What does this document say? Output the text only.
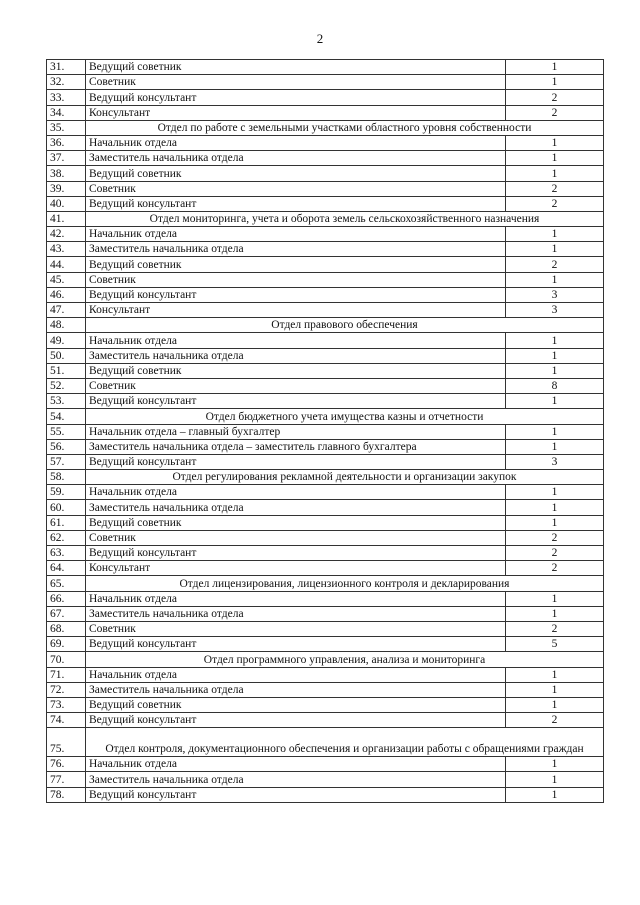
2
31.	Ведущий советник	1
32.	Советник	1
33.	Ведущий консультант	2
34.	Консультант	2
35.	Отдел по работе с земельными участками областного уровня собственности	
36.	Начальник отдела	1
37.	Заместитель начальника отдела	1
38.	Ведущий советник	1
39.	Советник	2
40.	Ведущий консультант	2
41.	Отдел мониторинга, учета и оборота земель сельскохозяйственного назначения	
42.	Начальник отдела	1
43.	Заместитель начальника отдела	1
44.	Ведущий советник	2
45.	Советник	1
46.	Ведущий консультант	3
47.	Консультант	3
48.	Отдел правового обеспечения	
49.	Начальник отдела	1
50.	Заместитель начальника отдела	1
51.	Ведущий советник	1
52.	Советник	8
53.	Ведущий консультант	1
54.	Отдел бюджетного учета имущества казны и отчетности	
55.	Начальник отдела – главный бухгалтер	1
56.	Заместитель начальника отдела – заместитель главного бухгалтера	1
57.	Ведущий консультант	3
58.	Отдел регулирования рекламной деятельности и организации закупок	
59.	Начальник отдела	1
60.	Заместитель начальника отдела	1
61.	Ведущий советник	1
62.	Советник	2
63.	Ведущий консультант	2
64.	Консультант	2
65.	Отдел лицензирования, лицензионного контроля и декларирования	
66.	Начальник отдела	1
67.	Заместитель начальника отдела	1
68.	Советник	2
69.	Ведущий консультант	5
70.	Отдел программного управления, анализа и мониторинга	
71.	Начальник отдела	1
72.	Заместитель начальника отдела	1
73.	Ведущий советник	1
74.	Ведущий консультант	2
75.	Отдел контроля, документационного обеспечения и организации работы с обращениями граждан	
76.	Начальник отдела	1
77.	Заместитель начальника отдела	1
78.	Ведущий консультант	1
